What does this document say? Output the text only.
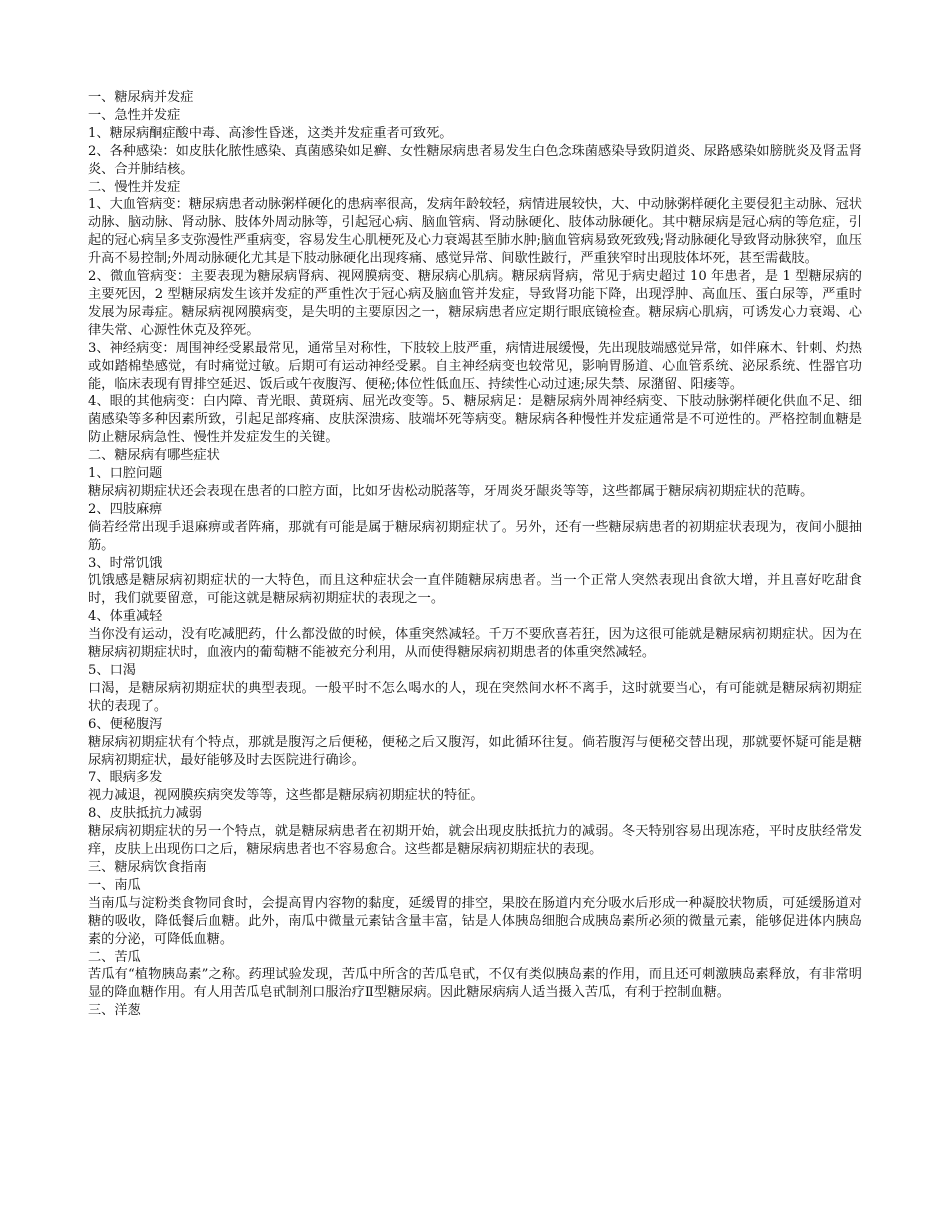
一、糖尿病并发症

一、急性并发症

1、糖尿病酮症酸中毒、高渗性昏迷，这类并发症重者可致死。

2、各种感染：如皮肤化脓性感染、真菌感染如足癣、女性糖尿病患者易发生白色念珠菌感染导致阴道炎、尿路感染如膀胱炎及肾盂肾炎、合并肺结核。

二、慢性并发症

1、大血管病变：糖尿病患者动脉粥样硬化的患病率很高，发病年龄较轻，病情进展较快，大、中动脉粥样硬化主要侵犯主动脉、冠状动脉、脑动脉、肾动脉、肢体外周动脉等，引起冠心病、脑血管病、肾动脉硬化、肢体动脉硬化。其中糖尿病是冠心病的等危症，引起的冠心病呈多支弥漫性严重病变，容易发生心肌梗死及心力衰竭甚至肺水肿;脑血管病易致死致残;肾动脉硬化导致肾动脉狭窄，血压升高不易控制;外周动脉硬化尤其是下肢动脉硬化出现疼痛、感觉异常、间歇性跛行，严重狭窄时出现肢体坏死，甚至需截肢。

2、微血管病变：主要表现为糖尿病肾病、视网膜病变、糖尿病心肌病。糖尿病肾病，常见于病史超过 10 年患者，是 1 型糖尿病的主要死因，2 型糖尿病发生该并发症的严重性次于冠心病及脑血管并发症，导致肾功能下降，出现浮肿、高血压、蛋白尿等，严重时发展为尿毒症。糖尿病视网膜病变，是失明的主要原因之一，糖尿病患者应定期行眼底镜检查。糖尿病心肌病，可诱发心力衰竭、心律失常、心源性休克及猝死。

3、神经病变：周围神经受累最常见，通常呈对称性，下肢较上肢严重，病情进展缓慢，先出现肢端感觉异常，如伴麻木、针刺、灼热或如踏棉垫感觉，有时痛觉过敏。后期可有运动神经受累。自主神经病变也较常见，影响胃肠道、心血管系统、泌尿系统、性器官功能，临床表现有胃排空延迟、饭后或午夜腹泻、便秘;体位性低血压、持续性心动过速;尿失禁、尿潴留、阳痿等。

4、眼的其他病变：白内障、青光眼、黄斑病、屈光改变等。5、糖尿病足：是糖尿病外周神经病变、下肢动脉粥样硬化供血不足、细菌感染等多种因素所致，引起足部疼痛、皮肤深溃疡、肢端坏死等病变。糖尿病各种慢性并发症通常是不可逆性的。严格控制血糖是防止糖尿病急性、慢性并发症发生的关键。

二、糖尿病有哪些症状

1、口腔问题

糖尿病初期症状还会表现在患者的口腔方面，比如牙齿松动脱落等，牙周炎牙龈炎等等，这些都属于糖尿病初期症状的范畴。

2、四肢麻痹

倘若经常出现手退麻痹或者阵痛，那就有可能是属于糖尿病初期症状了。另外，还有一些糖尿病患者的初期症状表现为，夜间小腿抽筋。

3、时常饥饿

饥饿感是糖尿病初期症状的一大特色，而且这种症状会一直伴随糖尿病患者。当一个正常人突然表现出食欲大增，并且喜好吃甜食时，我们就要留意，可能这就是糖尿病初期症状的表现之一。

4、体重减轻

当你没有运动，没有吃减肥药，什么都没做的时候，体重突然减轻。千万不要欣喜若狂，因为这很可能就是糖尿病初期症状。因为在糖尿病初期症状时，血液内的葡萄糖不能被充分利用，从而使得糖尿病初期患者的体重突然减轻。

5、口渴

口渴，是糖尿病初期症状的典型表现。一般平时不怎么喝水的人，现在突然间水杯不离手，这时就要当心，有可能就是糖尿病初期症状的表现了。

6、便秘腹泻

糖尿病初期症状有个特点，那就是腹泻之后便秘，便秘之后又腹泻，如此循环往复。倘若腹泻与便秘交替出现，那就要怀疑可能是糖尿病初期症状，最好能够及时去医院进行确诊。

7、眼病多发

视力减退，视网膜疾病突发等等，这些都是糖尿病初期症状的特征。

8、皮肤抵抗力减弱

糖尿病初期症状的另一个特点，就是糖尿病患者在初期开始，就会出现皮肤抵抗力的减弱。冬天特别容易出现冻疮，平时皮肤经常发痒，皮肤上出现伤口之后，糖尿病患者也不容易愈合。这些都是糖尿病初期症状的表现。

三、糖尿病饮食指南

一、南瓜

当南瓜与淀粉类食物同食时，会提高胃内容物的黏度，延缓胃的排空，果胶在肠道内充分吸水后形成一种凝胶状物质，可延缓肠道对糖的吸收，降低餐后血糖。此外，南瓜中微量元素钴含量丰富，钴是人体胰岛细胞合成胰岛素所必须的微量元素，能够促进体内胰岛素的分泌，可降低血糖。

二、苦瓜

苦瓜有“植物胰岛素”之称。药理试验发现，苦瓜中所含的苦瓜皂甙，不仅有类似胰岛素的作用，而且还可刺激胰岛素释放，有非常明显的降血糖作用。有人用苦瓜皂甙制剂口服治疗Ⅱ型糖尿病。因此糖尿病病人适当摄入苦瓜，有利于控制血糖。

三、洋葱
